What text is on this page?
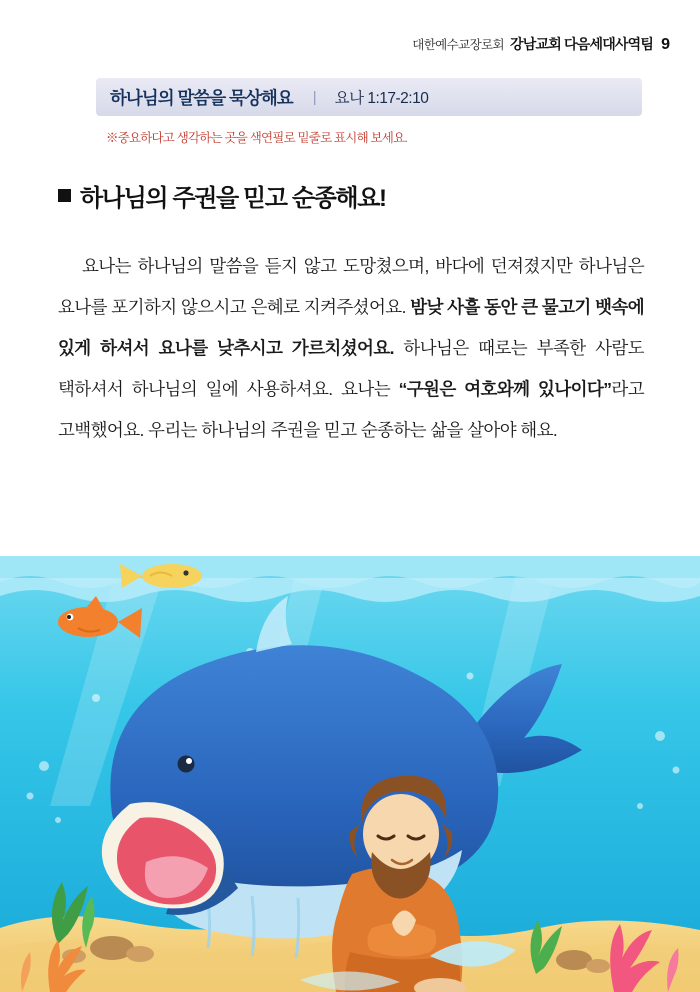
대한예수교장로회 강남교회 다음세대사역팀 9
하나님의 말씀을 묵상해요 | 요나 1:17-2:10
※중요하다고 생각하는 곳을 색연필로 밑줄로 표시해 보세요.
하나님의 주권을 믿고 순종해요!

요나는 하나님의 말씀을 듣지 않고 도망쳤으며, 바다에 던져졌지만 하나님은 요나를 포기하지 않으시고 은혜로 지켜주셨어요. 밤낮 사흘 동안 큰 물고기 뱃속에 있게 하셔서 요나를 낮추시고 가르치셨어요. 하나님은 때로는 부족한 사람도 택하셔서 하나님의 일에 사용하셔요. 요나는 “구원은 여호와께 있나이다”라고 고백했어요. 우리는 하나님의 주권을 믿고 순종하는 삶을 살아야 해요.
